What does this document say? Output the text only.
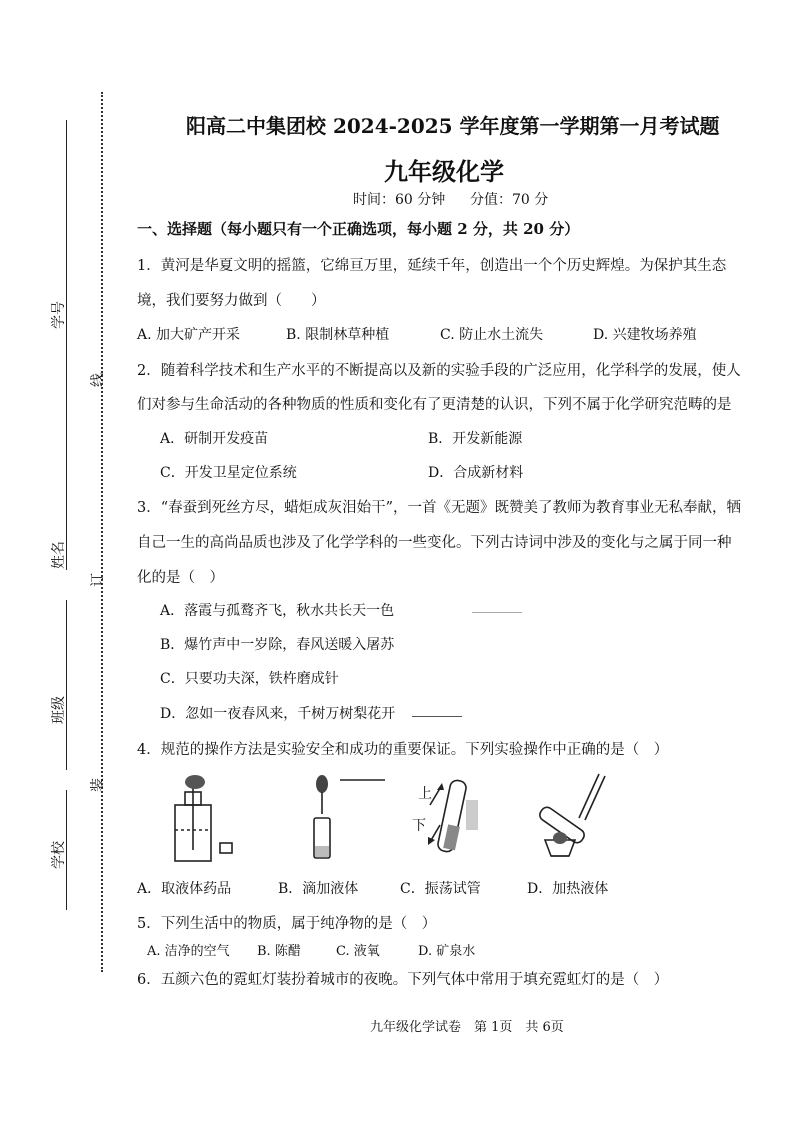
学号
姓名
班级
学校
线
订
装
阳高二中集团校 2024-2025 学年度第一学期第一月考试题
九年级化学
时间：60 分钟 分值：70 分
一、选择题（每小题只有一个正确选项，每小题 2 分，共 20 分）
1．黄河是华夏文明的摇篮，它绵亘万里，延续千年，创造出一个个历史辉煌。为保护其生态
境，我们要努力做到（　　）
A. 加大矿产开采	B. 限制林草种植	C. 防止水土流失	D. 兴建牧场养殖
2．随着科学技术和生产水平的不断提高以及新的实验手段的广泛应用，化学科学的发展，使人
们对参与生命活动的各种物质的性质和变化有了更清楚的认识，下列不属于化学研究范畴的是
A．研制开发疫苗	B．开发新能源
C．开发卫星定位系统	D．合成新材料
3．“春蚕到死丝方尽，蜡炬成灰泪始干”，一首《无题》既赞美了教师为教育事业无私奉献，牺
自己一生的高尚品质也涉及了化学学科的一些变化。下列古诗词中涉及的变化与之属于同一种
化的是（　）
A．落霞与孤鹜齐飞，秋水共长天一色
B．爆竹声中一岁除，春风送暖入屠苏
C．只要功夫深，铁杵磨成针
D．忽如一夜春风来，千树万树梨花开
4．规范的操作方法是实验安全和成功的重要保证。下列实验操作中正确的是（　）
上
下
A．取液体药品	B．滴加液体	C．振荡试管	D．加热液体
5．下列生活中的物质，属于纯净物的是（　）
A. 洁净的空气 B. 陈醋	C. 液氧	D. 矿泉水
6．五颜六色的霓虹灯装扮着城市的夜晚。下列气体中常用于填充霓虹灯的是（　）
九年级化学试卷　第 1页　共 6页
